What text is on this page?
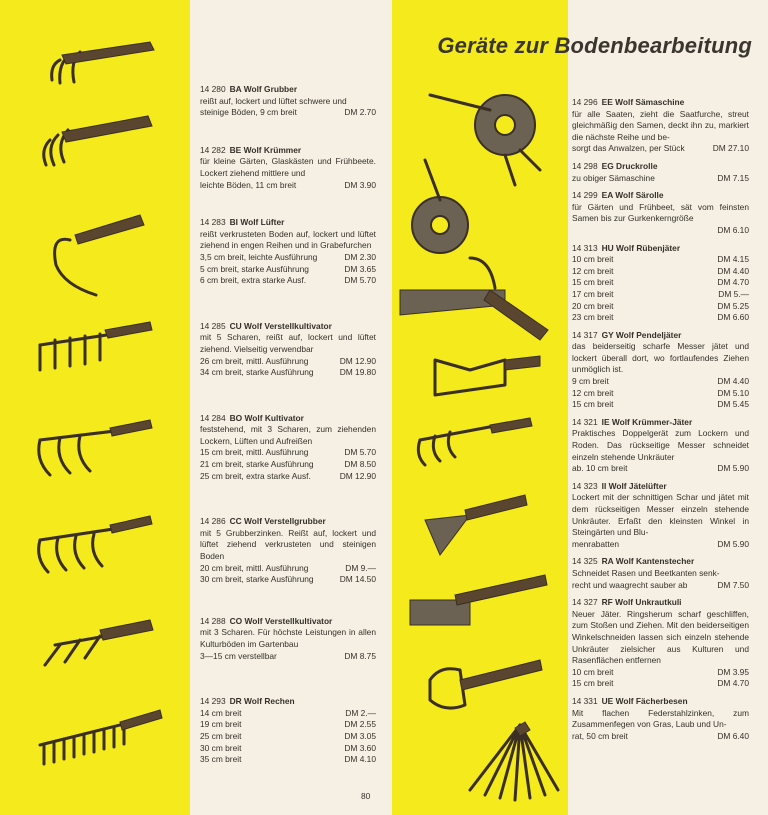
Geräte zur Bodenbearbeitung
14 280 BA Wolf Grubber
reißt auf, lockert und lüftet schwere und
steinige Böden, 9 cm breit	DM 2.70
14 282 BE Wolf Krümmer
für kleine Gärten, Glaskästen und Frühbeete. Lockert ziehend mittlere und
leichte Böden, 11 cm breit	DM 3.90
14 283 BI Wolf Lüfter
reißt verkrusteten Boden auf, lockert und lüftet ziehend in engen Reihen und in Grabefurchen
3,5 cm breit, leichte Ausführung	DM 2.30
5 cm breit, starke Ausführung	DM 3.65
6 cm breit, extra starke Ausf.	DM 5.70
14 285 CU Wolf Verstellkultivator
mit 5 Scharen, reißt auf, lockert und lüftet ziehend. Vielseitig verwendbar
26 cm breit, mittl. Ausführung	DM 12.90
34 cm breit, starke Ausführung	DM 19.80
14 284 BO Wolf Kultivator
feststehend, mit 3 Scharen, zum ziehenden Lockern, Lüften und Aufreißen
15 cm breit, mittl. Ausführung	DM 5.70
21 cm breit, starke Ausführung	DM 8.50
25 cm breit, extra starke Ausf.	DM 12.90
14 286 CC Wolf Verstellgrubber
mit 5 Grubberzinken. Reißt auf, lockert und lüftet ziehend verkrusteten und steinigen Boden
20 cm breit, mittl. Ausführung	DM 9.—
30 cm breit, starke Ausführung	DM 14.50
14 288 CO Wolf Verstellkultivator
mit 3 Scharen. Für höchste Leistungen in allen Kulturböden im Gartenbau
3—15 cm verstellbar	DM 8.75
14 293 DR Wolf Rechen
14 cm breit	DM 2.—
19 cm breit	DM 2.55
25 cm breit	DM 3.05
30 cm breit	DM 3.60
35 cm breit	DM 4.10
14 296 EE Wolf Sämaschine
für alle Saaten, zieht die Saatfurche, streut gleichmäßig den Samen, deckt ihn zu, markiert die nächste Reihe und be-
sorgt das Anwalzen, per Stück	DM 27.10
14 298 EG Druckrolle
zu obiger Sämaschine	DM 7.15
14 299 EA Wolf Särolle
für Gärten und Frühbeet, sät vom feinsten Samen bis zur Gurkenkerngröße
DM 6.10
14 313 HU Wolf Rübenjäter
10 cm breit	DM 4.15
12 cm breit	DM 4.40
15 cm breit	DM 4.70
17 cm breit	DM 5.—
20 cm breit	DM 5.25
23 cm breit	DM 6.60
14 317 GY Wolf Pendeljäter
das beiderseitig scharfe Messer jätet und lockert überall dort, wo fortlaufendes Ziehen unmöglich ist.
9 cm breit	DM 4.40
12 cm breit	DM 5.10
15 cm breit	DM 5.45
14 321 IE Wolf Krümmer-Jäter
Praktisches Doppelgerät zum Lockern und Roden. Das rückseitige Messer schneidet einzeln stehende Unkräuter
ab. 10 cm breit	DM 5.90
14 323 II Wolf Jätelüfter
Lockert mit der schnittigen Schar und jätet mit dem rückseitigen Messer einzeln stehende Unkräuter. Erfaßt den kleinsten Winkel in Steingärten und Blu-
menrabatten	DM 5.90
14 325 RA Wolf Kantenstecher
Schneidet Rasen und Beetkanten senk-
recht und waagrecht sauber ab	DM 7.50
14 327 RF Wolf Unkrautkuli
Neuer Jäter. Ringsherum scharf geschliffen, zum Stoßen und Ziehen. Mit den beiderseitigen Winkelschneiden lassen sich einzeln stehende Unkräuter zielsicher aus Kulturen und Rasenflächen entfernen
10 cm breit	DM 3.95
15 cm breit	DM 4.70
14 331 UE Wolf Fächerbesen
Mit flachen Federstahlzinken, zum Zusammenfegen von Gras, Laub und Un-
rat, 50 cm breit	DM 6.40
80
